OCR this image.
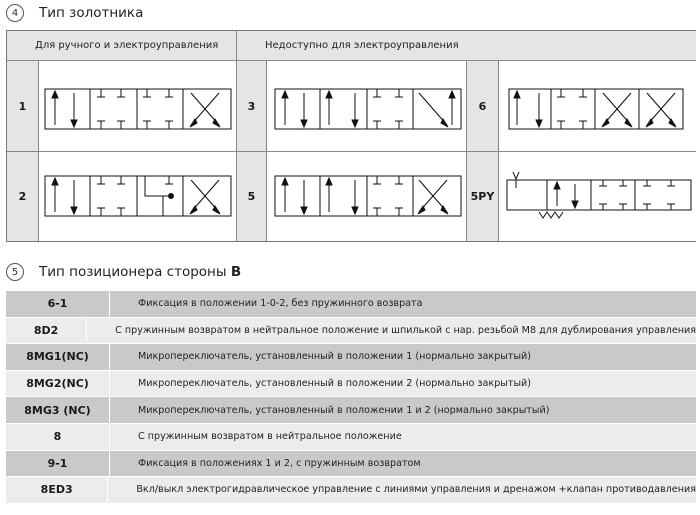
4	Тип золотника
Для ручного и электроуправления	Недоступно для электроуправления
1	3	6
2	5	5PY
5	Тип позиционера стороны B
6-1	Фиксация в положении 1-0-2, без пружинного возврата
8D2	С пружинным возвратом в нейтральное положение и шпилькой с нар. резьбой М8 для дублирования управления
8MG1(NC)	Микропереключатель, установленный в положении 1 (нормально закрытый)
8MG2(NC)	Микропереключатель, установленный в положении 2 (нормально закрытый)
8MG3 (NC)	Микропереключатель, установленный в положении 1 и 2 (нормально закрытый)
8	С пружинным возвратом в нейтральное положение
9-1	Фиксация в положениях 1 и 2, с пружинным возвратом
8ED3	Вкл/выкл электрогидравлическое управление с линиями управления и дренажом +клапан противодавления
